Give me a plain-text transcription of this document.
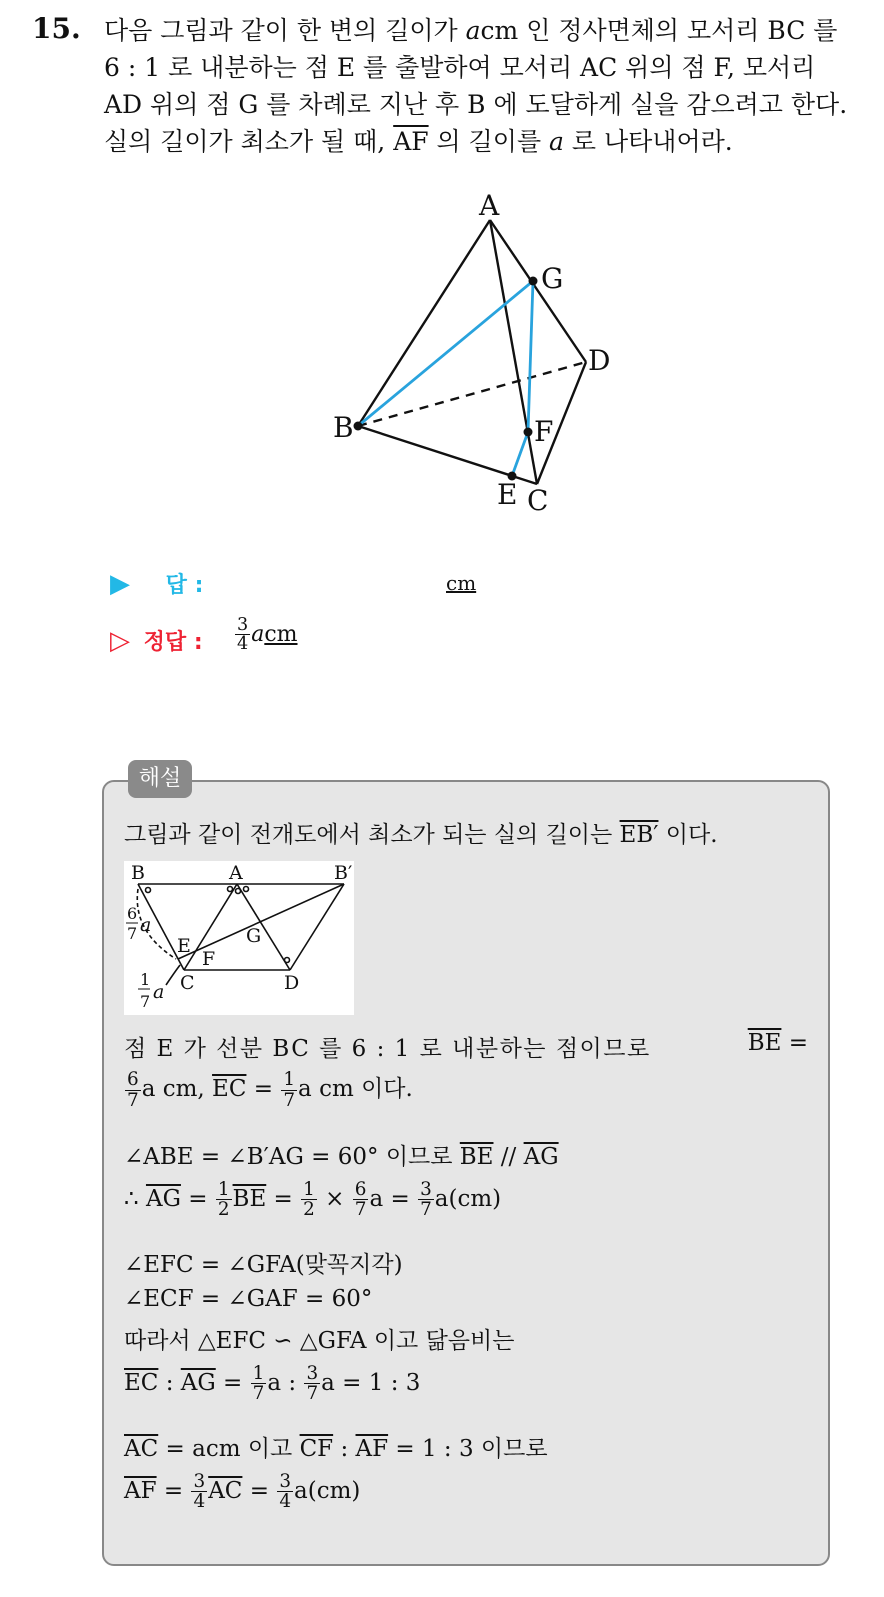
15. 다음 그림과 같이 한 변의 길이가 acm 인 정사면체의 모서리 BC 를
6 : 1 로 내분하는 점 E 를 출발하여 모서리 AC 위의 점 F, 모서리
AD 위의 점 G 를 차례로 지난 후 B 에 도달하게 실을 감으려고 한다.
실의 길이가 최소가 될 때, $\overline{AF}$ 의 길이를 a 로 나타내어라.
A
B
C
D
E
F
G
▶ 답 :	cm
▷ 정답 : $\frac{3}{4}$ acm
해설
그림과 같이 전개도에서 최소가 되는 실의 길이는 EB′ 이다.
B	A	B′
E
F
G
C	D
6
7 a
1
7 a
점 E 가 선분 BC 를 6 : 1 로 내분하는 점이므로	$\overline{BE}$ =
$\frac{6}{7}$ a cm, $\overline{EC} = \frac{1}{7}$ a cm 이다.
∠ABE = ∠B′AG = 60° 이므로 $\overline{BE} // \overline{AG}$
∴ $\overline{AG} = \frac{1}{2} \overline{BE} = \frac{1}{2} \times \frac{6}{7}$ $a = \frac{3}{7} a(cm)$
∠EFC = ∠GFA(맞꼭지각)
∠ECF = ∠GAF = 60°
따라서 △EFC ∽ △GFA 이고 닮음비는
$\overline{EC}$ : $\overline{AG} = \frac{1}{7}$ a : $\frac{3}{7}$ a = 1 : 3
$\overline{AC}$ = acm 이고 $\overline{CF}$ : $\overline{AF} = 1$ : 3 이므로
$\overline{AF} = \frac{3}{4} \overline{AC} = \frac{3}{4} a(cm)$
